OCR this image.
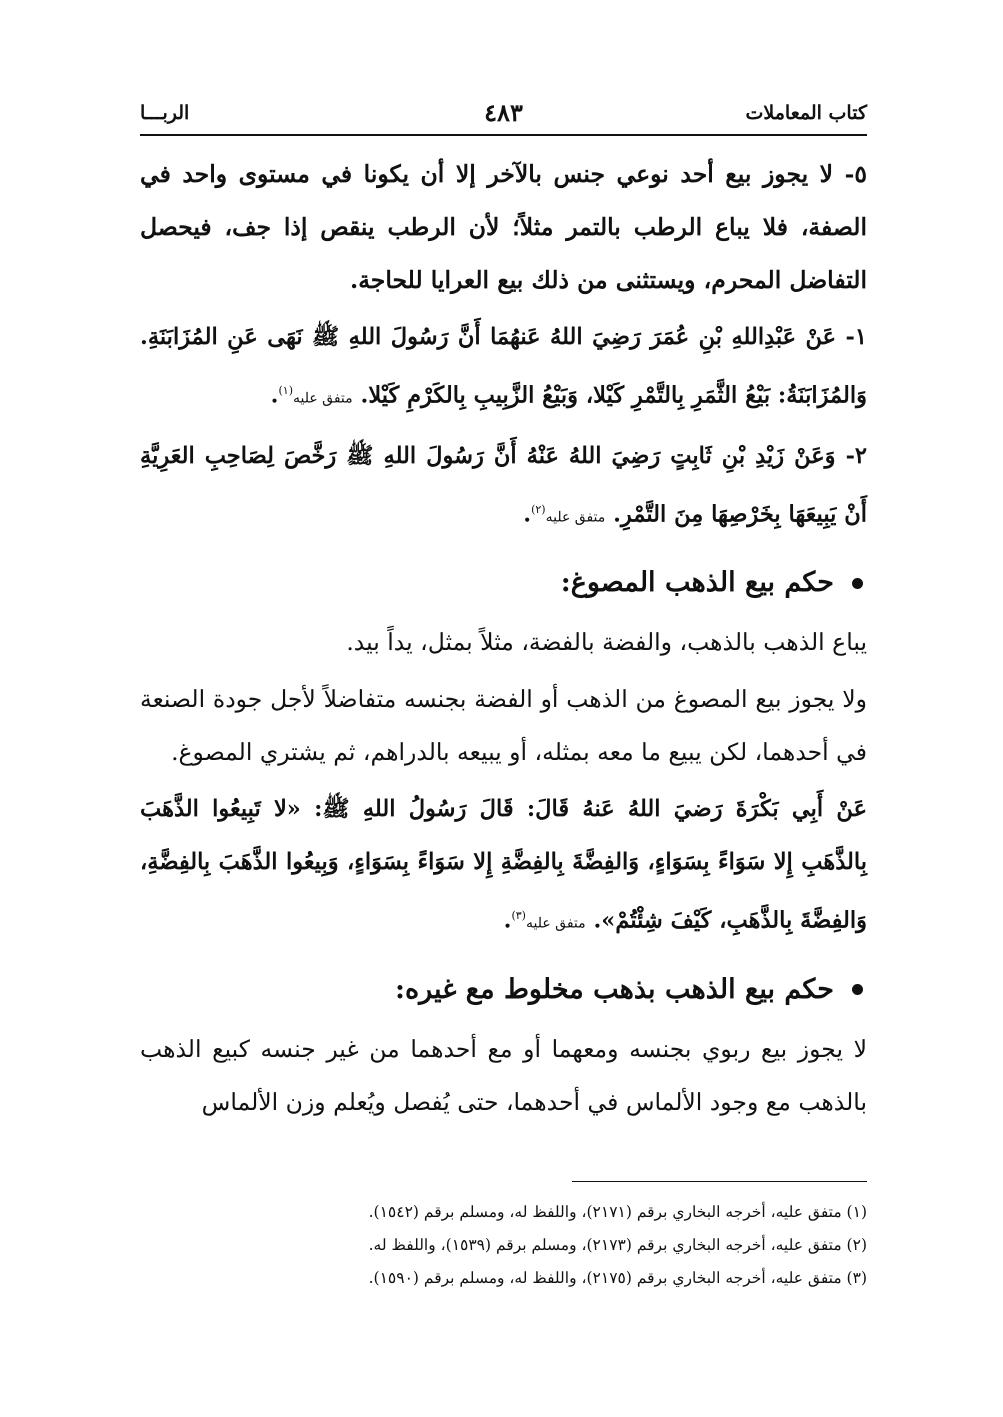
كتاب المعاملات
٤٨٣
الربـــا

٥- لا يجوز بيع أحد نوعي جنس بالآخر إلا أن يكونا في مستوى واحد في الصفة، فلا يباع الرطب بالتمر مثلاً؛ لأن الرطب ينقص إذا جف، فيحصل التفاضل المحرم، ويستثنى من ذلك بيع العرايا للحاجة.

١- عَنْ عَبْدِاللهِ بْنِ عُمَرَ رَضِيَ اللهُ عَنهُمَا أَنَّ رَسُولَ اللهِ ﷺ نَهَى عَنِ المُزَابَنَةِ. وَالمُزَابَنَةُ: بَيْعُ الثَّمَرِ بِالتَّمْرِ كَيْلا، وَبَيْعُ الزَّبِيبِ بِالكَرْمِ كَيْلا. متفق عليه$^{(١)}$.

٢- وَعَنْ زَيْدِ بْنِ ثَابِتٍ رَضِيَ اللهُ عَنْهُ أَنَّ رَسُولَ اللهِ ﷺ رَخَّصَ لِصَاحِبِ العَرِيَّةِ أَنْ يَبِيعَهَا بِخَرْصِهَا مِنَ التَّمْرِ. متفق عليه$^{(٢)}$.

حكم بيع الذهب المصوغ:

يباع الذهب بالذهب، والفضة بالفضة، مثلاً بمثل، يداً بيد.

ولا يجوز بيع المصوغ من الذهب أو الفضة بجنسه متفاضلاً لأجل جودة الصنعة في أحدهما، لكن يبيع ما معه بمثله، أو يبيعه بالدراهم، ثم يشتري المصوغ.

عَنْ أَبِي بَكْرَةَ رَضيَ اللهُ عَنهُ قَالَ: قَالَ رَسُولُ اللهِ ﷺ: «لا تَبِيعُوا الذَّهَبَ بِالذَّهَبِ إِلا سَوَاءً بِسَوَاءٍ، وَالفِضَّةَ بِالفِضَّةِ إِلا سَوَاءً بِسَوَاءٍ، وَبِيعُوا الذَّهَبَ بِالفِضَّةِ، وَالفِضَّةَ بِالذَّهَبِ، كَيْفَ شِئْتُمْ». متفق عليه$^{(٣)}$.

حكم بيع الذهب بذهب مخلوط مع غيره:

لا يجوز بيع ربوي بجنسه ومعهما أو مع أحدهما من غير جنسه كبيع الذهب بالذهب مع وجود الألماس في أحدهما، حتى يُفصل ويُعلم وزن الألماس

(١) متفق عليه، أخرجه البخاري برقم (٢١٧١)، واللفظ له، ومسلم برقم (١٥٤٢).

(٢) متفق عليه، أخرجه البخاري برقم (٢١٧٣)، ومسلم برقم (١٥٣٩)، واللفظ له.

(٣) متفق عليه، أخرجه البخاري برقم (٢١٧٥)، واللفظ له، ومسلم برقم (١٥٩٠).
